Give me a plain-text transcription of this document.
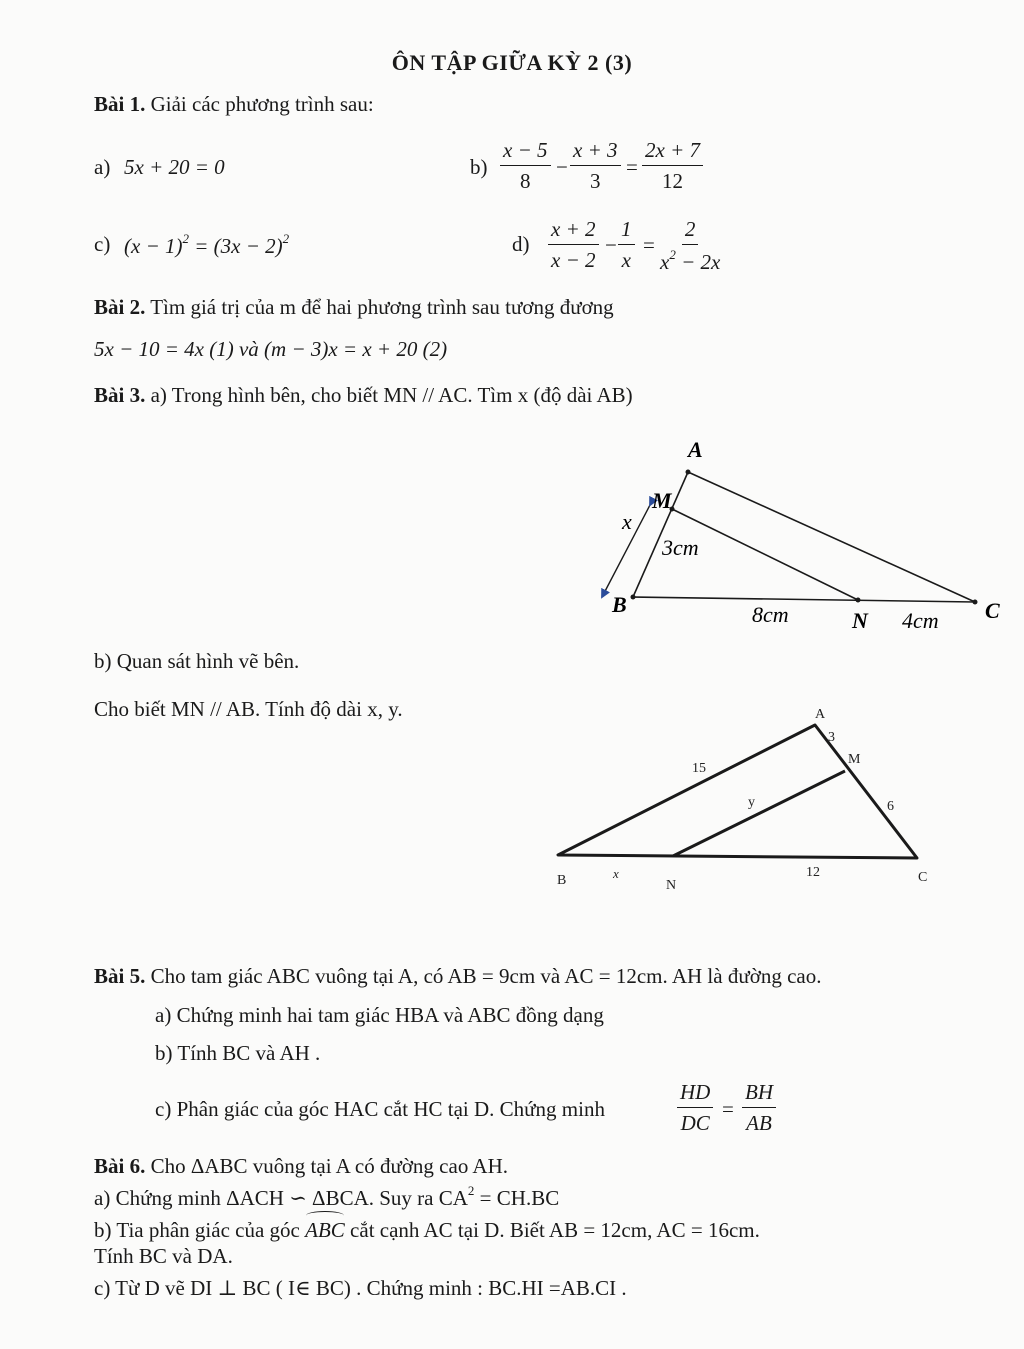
ÔN TẬP GIỮA KỲ 2 (3)
Bài 1. Giải các phương trình sau:
a) 5x + 20 = 0	$b) \frac{x - 5}{8} - \frac{x + 3}{3} = \frac{2x + 7}{12}$
c) $(x - 1)^2 = (3x - 2)^2$	$d) \frac{x + 2}{x - 2} - \frac{1}{x} = \frac{2}{x^2 - 2x}$
Bài 2. Tìm giá trị của m để hai phương trình sau tương đương
5x − 10 = 4x (1) và (m − 3)x = x + 20 (2)
Bài 3. a) Trong hình bên, cho biết MN // AC. Tìm x (độ dài AB)
A
M
B
N	C
x
3cm
8cm	4cm
b) Quan sát hình vẽ bên.
Cho biết MN // AB. Tính độ dài x, y.	A
3
M
15
y	6
B	x
N
12	C
Bài 5. Cho tam giác ABC vuông tại A, có AB = 9cm và AC = 12cm. AH là đường cao.
a) Chứng minh hai tam giác HBA và ABC đồng dạng
b) Tính BC và AH .
c) Phân giác của góc HAC cắt HC tại D. Chứng minh	$\frac{HD}{DC} = \frac{BH}{AB}$
Bài 6. Cho ΔABC vuông tại A có đường cao AH.
a) Chứng minh ΔACH ∽ ΔBCA. Suy ra $CA^2 = CH.BC$
b) Tia phân giác của góc ABC cắt cạnh AC tại D. Biết AB = 12cm, AC = 16cm.
Tính BC và DA.
c) Từ D vẽ DI ⊥ BC ( I∈ BC) . Chứng minh : BC.HI =AB.CI .
